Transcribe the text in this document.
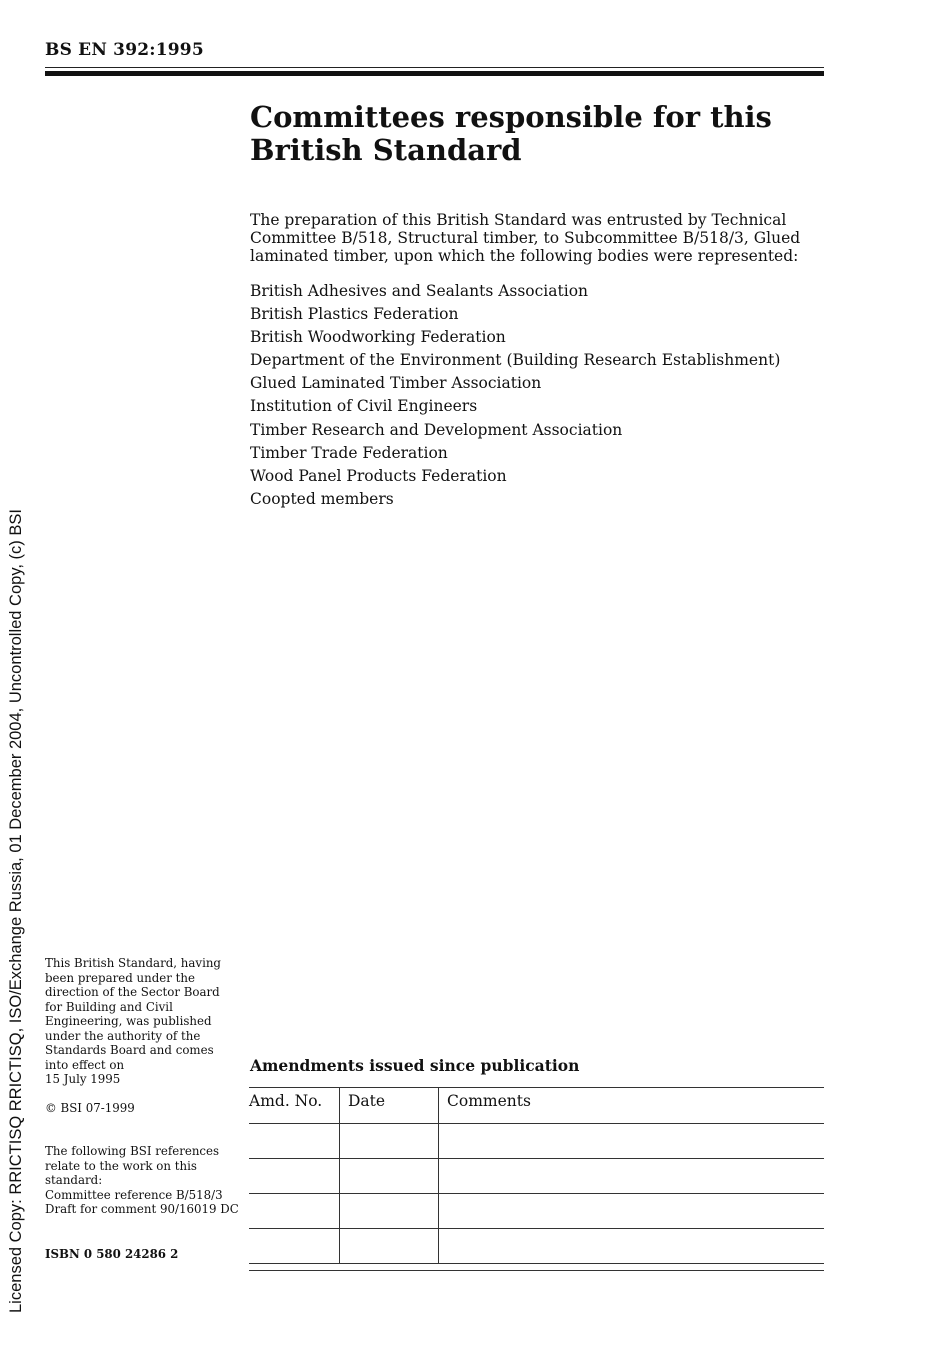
BS EN 392:1995
Licensed Copy: RRICTISQ RRICTISQ, ISO/Exchange Russia, 01 December 2004, Uncontrolled Copy, (c) BSI
Committees responsible for this
British Standard

The preparation of this British Standard was entrusted by Technical Committee B/518, Structural timber, to Subcommittee B/518/3, Glued laminated timber, upon which the following bodies were represented:

British Adhesives and Sealants Association
British Plastics Federation
British Woodworking Federation
Department of the Environment (Building Research Establishment)
Glued Laminated Timber Association
Institution of Civil Engineers
Timber Research and Development Association
Timber Trade Federation
Wood Panel Products Federation
Coopted members
This British Standard, having
been prepared under the
direction of the Sector Board
for Building and Civil
Engineering, was published
under the authority of the
Standards Board and comes
into effect on
15 July 1995
© BSI 07-1999
The following BSI references
relate to the work on this
standard:
Committee reference B/518/3
Draft for comment 90/16019 DC
ISBN 0 580 24286 2
Amendments issued since publication
Amd. No.	Date	Comments
